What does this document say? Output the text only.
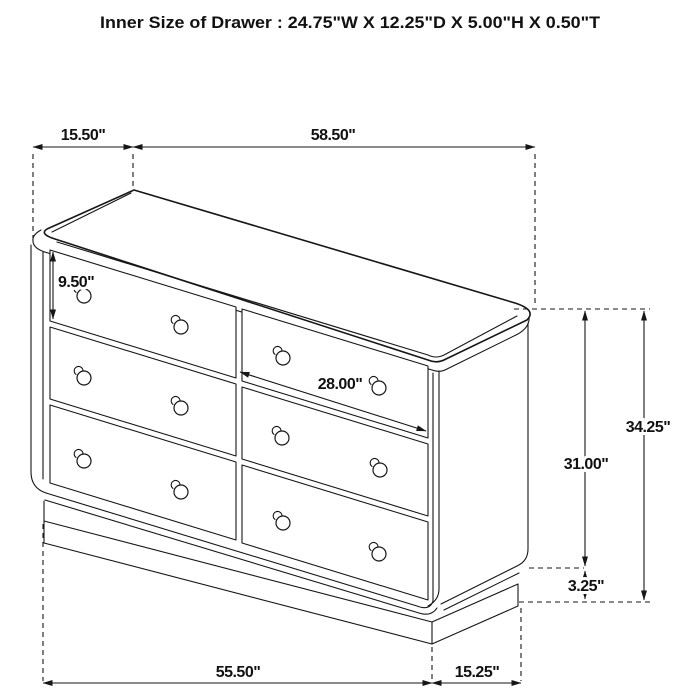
15.50"	58.50"
9.50"
28.00"
31.00"
34.25"
3.25"
55.50"	15.25"
Inner Size of Drawer : 24.75"W X 12.25"D X 5.00"H X 0.50"T
